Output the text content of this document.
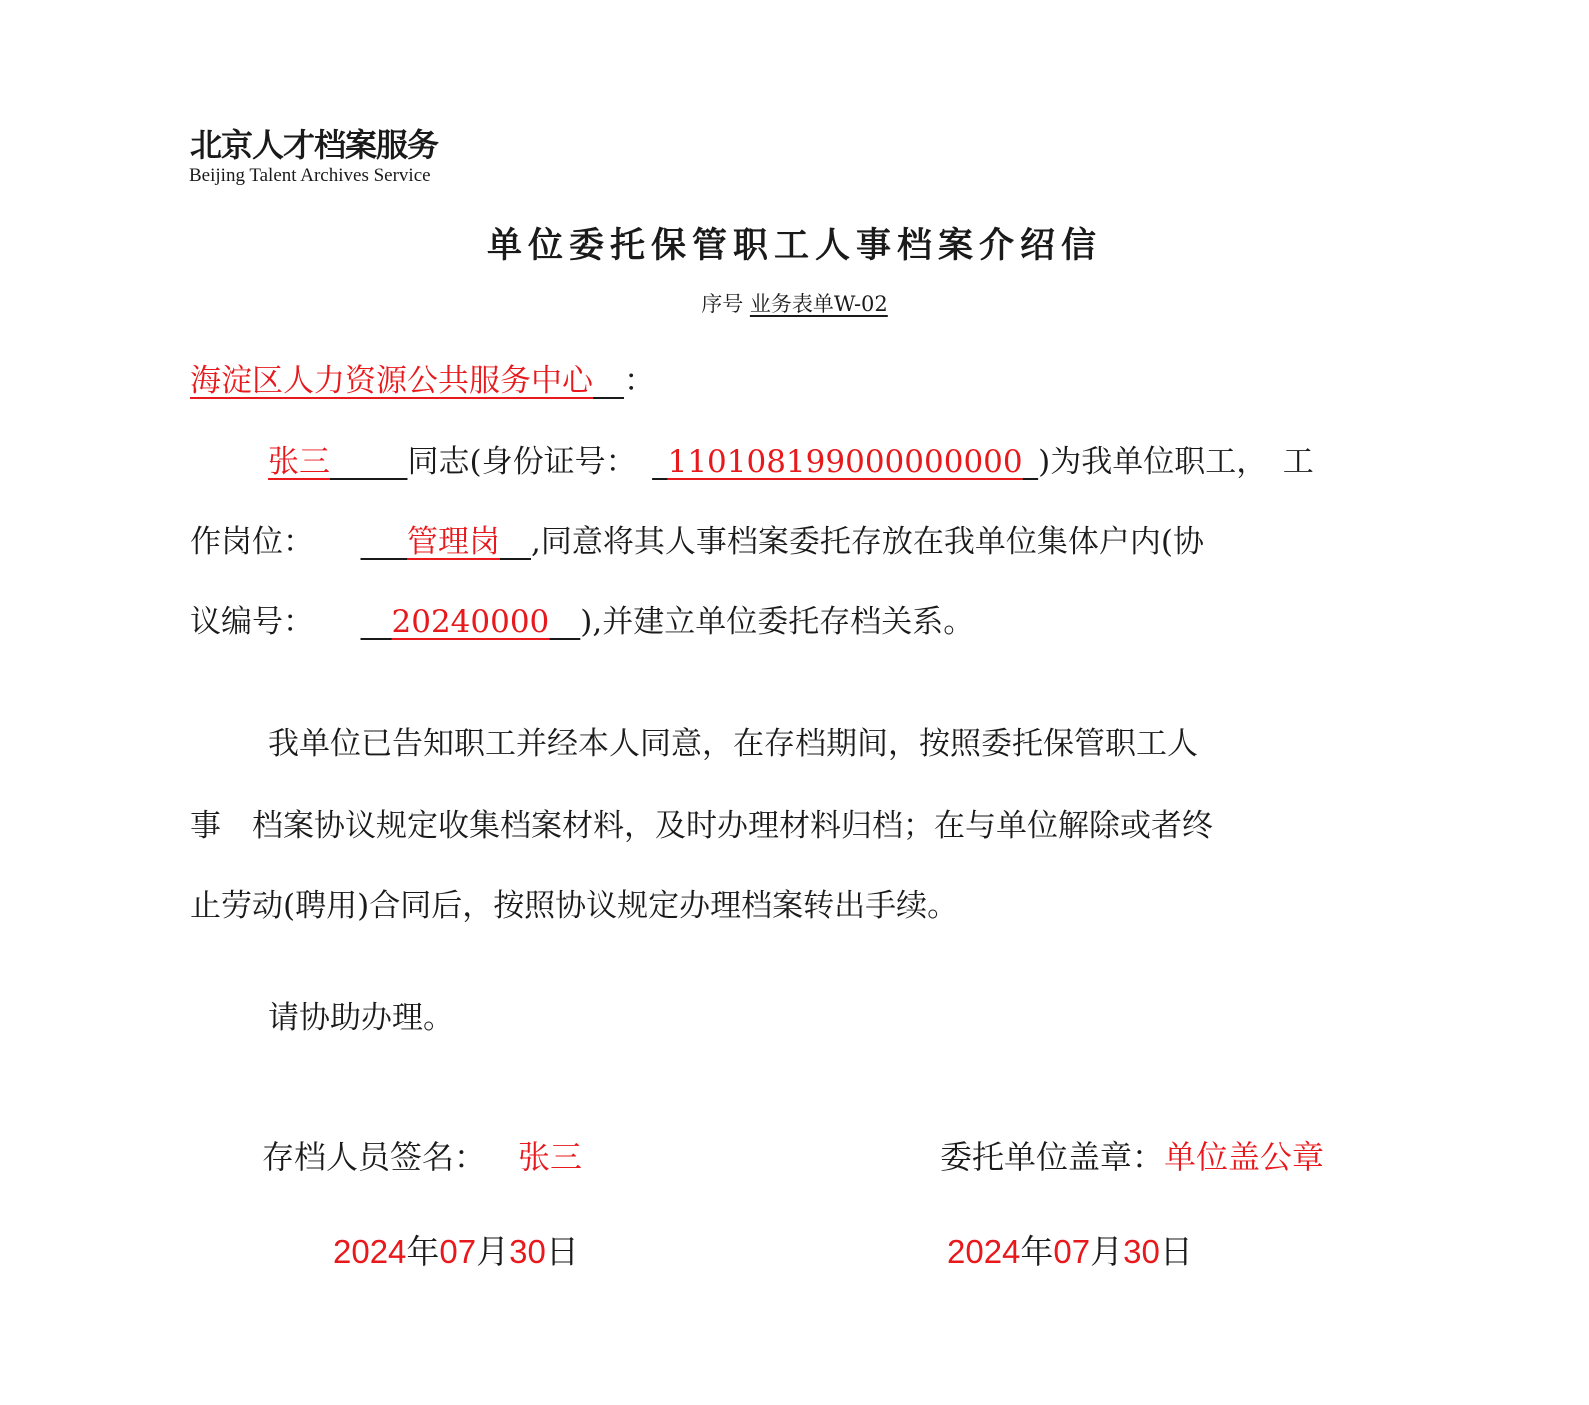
北京人才档案服务
Beijing Talent Archives Service
单位委托保管职工人事档案介绍信
序号 业务表单W-02
海淀区人力资源公共服务中心  ：
张三   	同志(身份证号：   110108199000000000  )为我单位职工，　工
作岗位：    	管理岗  ,同意将其人事档案委托存放在我单位集体户内(协
议编号：   	20240000  ),并建立单位委托存档关系。
我单位已告知职工并经本人同意，在存档期间，按照委托保管职工人
事　档案协议规定收集档案材料，及时办理材料归档；在与单位解除或者终
止劳动(聘用)合同后，按照协议规定办理档案转出手续。
请协助办理。
存档人员签名：  张三	委托单位盖章：单位盖公章
2024年07月30日	2024年07月30日
